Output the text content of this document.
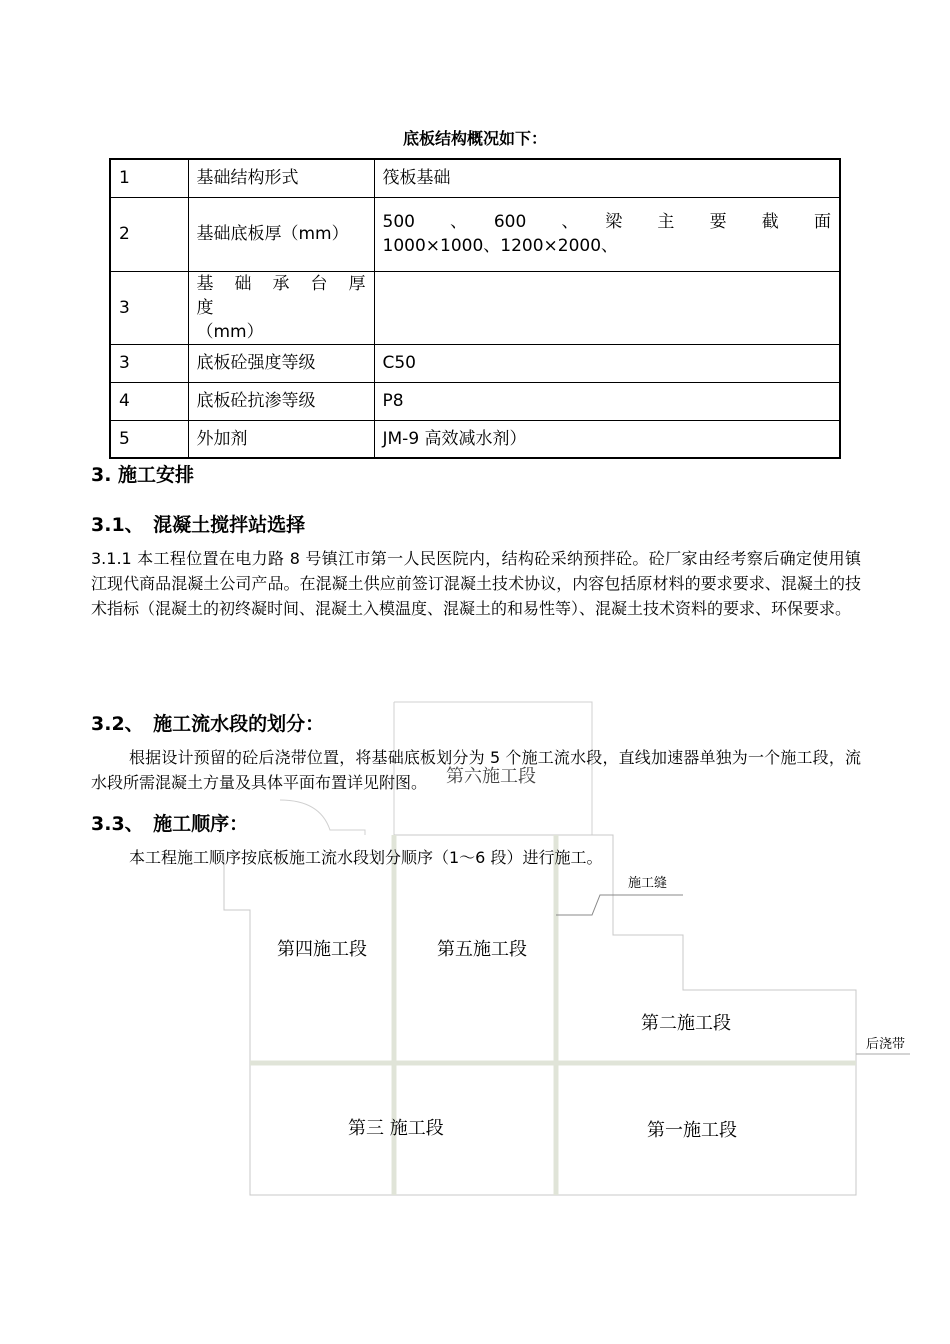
底板结构概况如下：
1	基础结构形式	筏板基础
2	基础底板厚（mm）	500　、　600　、　梁　主　要　截　面
1000×1000、1200×2000、
3	基　础　承　台　厚　度
（mm）	
3	底板砼强度等级	C50
4	底板砼抗渗等级	P8
5	外加剂	JM-9 高效减水剂）
第四施工段	第五施工段
第二施工段
第三 施工段	第一施工段
第六施工段
施工缝
后浇带
3. 施工安排
3.1、　混凝土搅拌站选择

3.1.1 本工程位置在电力路 8 号镇江市第一人民医院内，结构砼采纳预拌砼。砼厂家由经考察后确定使用镇江现代商品混凝土公司产品。在混凝土供应前签订混凝土技术协议，内容包括原材料的要求要求、混凝土的技术指标（混凝土的初终凝时间、混凝土入模温度、混凝土的和易性等）、混凝土技术资料的要求、环保要求。

3.2、　施工流水段的划分：

根据设计预留的砼后浇带位置，将基础底板划分为 5 个施工流水段，直线加速器单独为一个施工段，流水段所需混凝土方量及具体平面布置详见附图。

3.3、　施工顺序：

本工程施工顺序按底板施工流水段划分顺序（1～6 段）进行施工。
